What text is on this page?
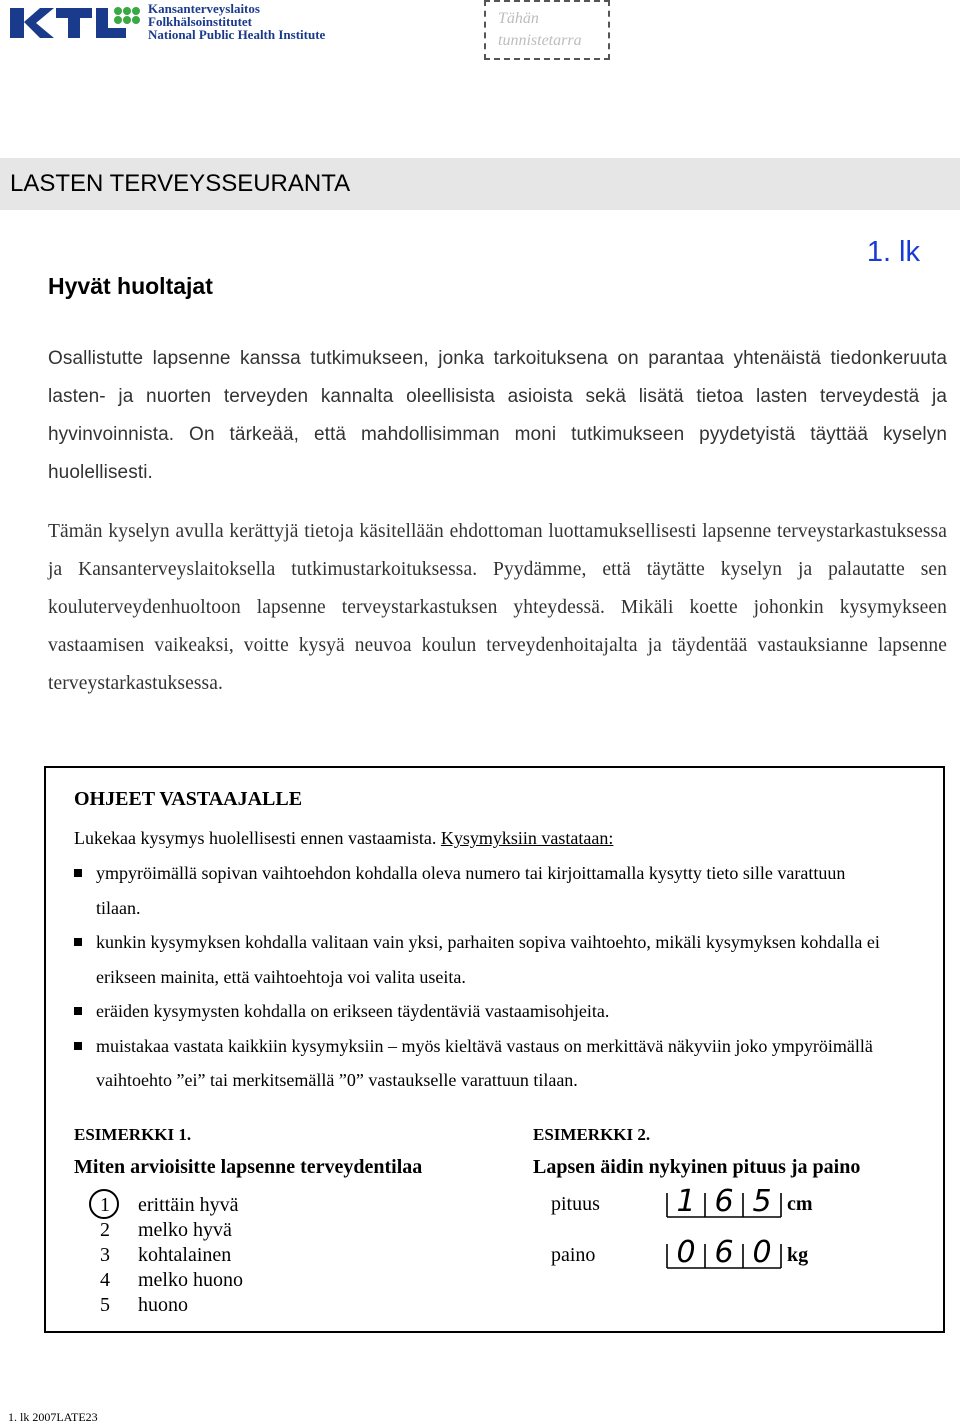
Kansanterveyslaitos
Folkhälsoinstitutet
National Public Health Institute
Tähän tunnistetarra
LASTEN TERVEYSSEURANTA
1. lk
Hyvät huoltajat
Osallistutte lapsenne kanssa tutkimukseen, jonka tarkoituksena on parantaa yhtenäistä tiedonkeruuta lasten- ja nuorten terveyden kannalta oleellisista asioista sekä lisätä tietoa lasten terveydestä ja hyvinvoinnista. On tärkeää, että mahdollisimman moni tutkimukseen pyydetyistä täyttää kyselyn huolellisesti.
Tämän kyselyn avulla kerättyjä tietoja käsitellään ehdottoman luottamuksellisesti lapsenne terveystarkastuksessa ja Kansanterveyslaitoksella tutkimustarkoituksessa. Pyydämme, että täytätte kyselyn ja palautatte sen kouluterveydenhuoltoon lapsenne terveystarkastuksen yhteydessä. Mikäli koette johonkin kysymykseen vastaamisen vaikeaksi, voitte kysyä neuvoa koulun terveydenhoitajalta ja täydentää vastauksianne lapsenne terveystarkastuksessa.
OHJEET VASTAAJALLE
Lukekaa kysymys huolellisesti ennen vastaamista. Kysymyksiin vastataan:
ympyröimällä sopivan vaihtoehdon kohdalla oleva numero tai kirjoittamalla kysytty tieto sille varattuun tilaan.
kunkin kysymyksen kohdalla valitaan vain yksi, parhaiten sopiva vaihtoehto, mikäli kysymyksen kohdalla ei erikseen mainita, että vaihtoehtoja voi valita useita.
eräiden kysymysten kohdalla on erikseen täydentäviä vastaamisohjeita.
muistakaa vastata kaikkiin kysymyksiin – myös kieltävä vastaus on merkittävä näkyviin joko ympyröimällä vaihtoehto ”ei” tai merkitsemällä ”0” vastaukselle varattuun tilaan.
ESIMERKKI 1.
Miten arvioisitte lapsenne terveydentilaa
1 erittäin hyvä
2 melko hyvä
3 kohtalainen
4 melko huono
5 huono
ESIMERKKI 2.
Lapsen äidin nykyinen pituus ja paino
pituus	1 6 5 cm
paino	0 6 0 kg
1. lk 2007LATE23
